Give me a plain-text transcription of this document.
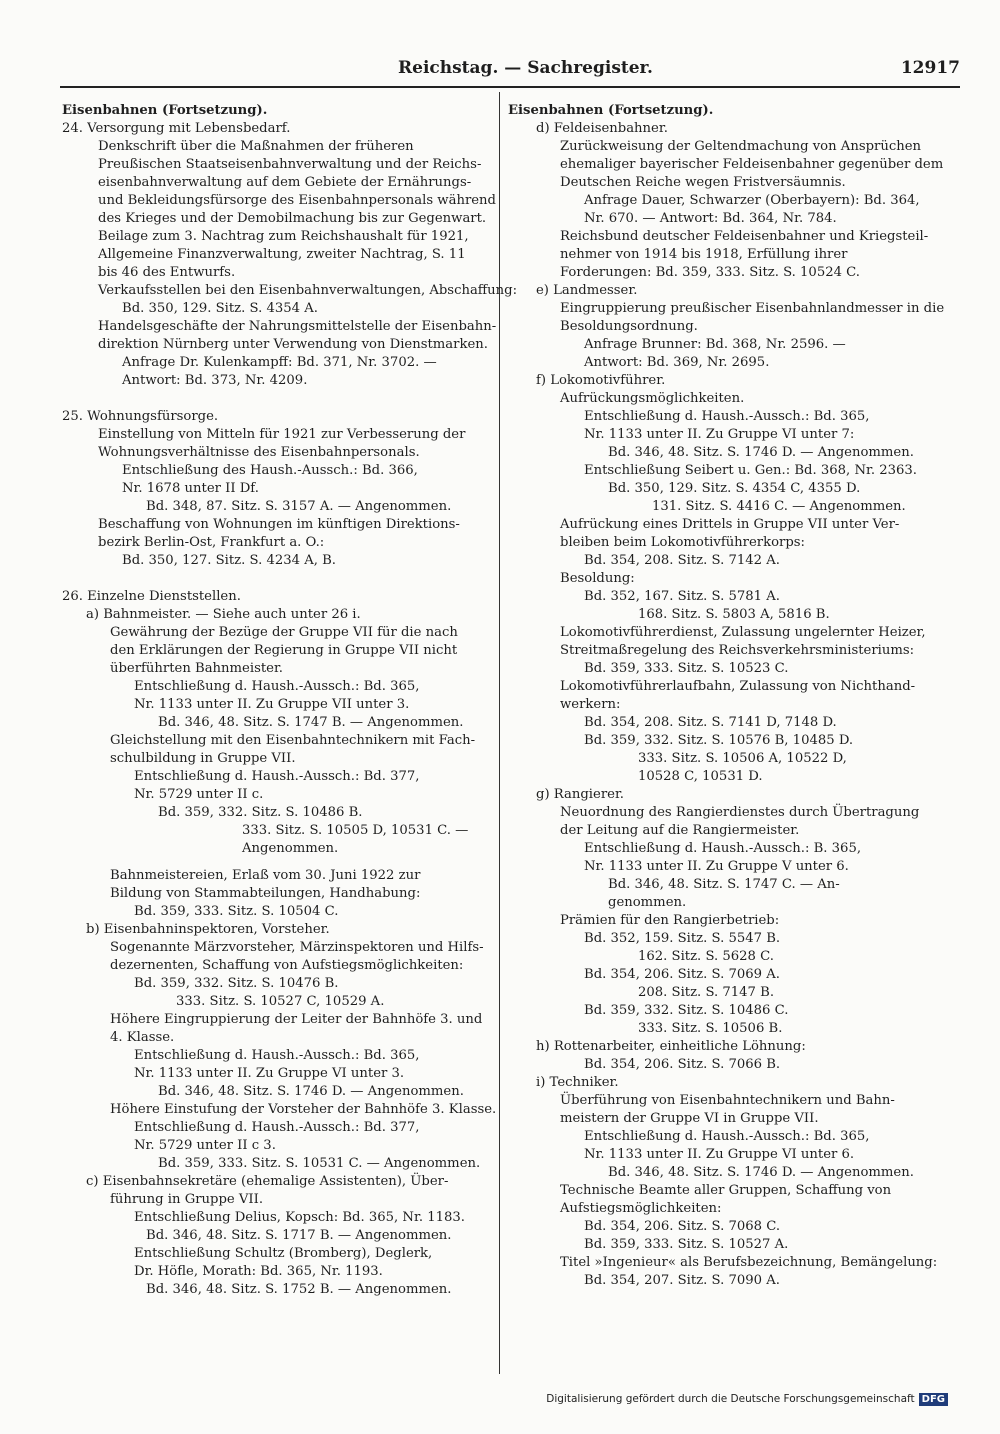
Reichstag. — Sachregister.	12917
Eisenbahnen (Fortsetzung).
24. Versorgung mit Lebensbedarf.
Denkschrift über die Maßnahmen der früheren
Preußischen Staatseisenbahnverwaltung und der Reichs-
eisenbahnverwaltung auf dem Gebiete der Ernährungs-
und Bekleidungsfürsorge des Eisenbahnpersonals während
des Krieges und der Demobilmachung bis zur Gegenwart.
Beilage zum 3. Nachtrag zum Reichshaushalt für 1921,
Allgemeine Finanzverwaltung, zweiter Nachtrag, S. 11
bis 46 des Entwurfs.
Verkaufsstellen bei den Eisenbahnverwaltungen, Abschaffung:
Bd. 350, 129. Sitz. S. 4354 A.
Handelsgeschäfte der Nahrungsmittelstelle der Eisenbahn-
direktion Nürnberg unter Verwendung von Dienstmarken.
Anfrage Dr. Kulenkampff: Bd. 371, Nr. 3702. —
Antwort: Bd. 373, Nr. 4209.
25. Wohnungsfürsorge.
Einstellung von Mitteln für 1921 zur Verbesserung der
Wohnungsverhältnisse des Eisenbahnpersonals.
Entschließung des Haush.-Aussch.: Bd. 366,
Nr. 1678 unter II Df.
Bd. 348, 87. Sitz. S. 3157 A. — Angenommen.
Beschaffung von Wohnungen im künftigen Direktions-
bezirk Berlin-Ost, Frankfurt a. O.:
Bd. 350, 127. Sitz. S. 4234 A, B.
26. Einzelne Dienststellen.
a) Bahnmeister. — Siehe auch unter 26 i.
Gewährung der Bezüge der Gruppe VII für die nach
den Erklärungen der Regierung in Gruppe VII nicht
überführten Bahnmeister.
Entschließung d. Haush.-Aussch.: Bd. 365,
Nr. 1133 unter II. Zu Gruppe VII unter 3.
Bd. 346, 48. Sitz. S. 1747 B. — Angenommen.
Gleichstellung mit den Eisenbahntechnikern mit Fach-
schulbildung in Gruppe VII.
Entschließung d. Haush.-Aussch.: Bd. 377,
Nr. 5729 unter II c.
Bd. 359, 332. Sitz. S. 10486 B.
333. Sitz. S. 10505 D, 10531 C. —
Angenommen.
Bahnmeistereien, Erlaß vom 30. Juni 1922 zur
Bildung von Stammabteilungen, Handhabung:
Bd. 359, 333. Sitz. S. 10504 C.
b) Eisenbahninspektoren, Vorsteher.
Sogenannte Märzvorsteher, Märzinspektoren und Hilfs-
dezernenten, Schaffung von Aufstiegsmöglichkeiten:
Bd. 359, 332. Sitz. S. 10476 B.
333. Sitz. S. 10527 C, 10529 A.
Höhere Eingruppierung der Leiter der Bahnhöfe 3. und
4. Klasse.
Entschließung d. Haush.-Aussch.: Bd. 365,
Nr. 1133 unter II. Zu Gruppe VI unter 3.
Bd. 346, 48. Sitz. S. 1746 D. — Angenommen.
Höhere Einstufung der Vorsteher der Bahnhöfe 3. Klasse.
Entschließung d. Haush.-Aussch.: Bd. 377,
Nr. 5729 unter II c 3.
Bd. 359, 333. Sitz. S. 10531 C. — Angenommen.
c) Eisenbahnsekretäre (ehemalige Assistenten), Über-
führung in Gruppe VII.
Entschließung Delius, Kopsch: Bd. 365, Nr. 1183.
Bd. 346, 48. Sitz. S. 1717 B. — Angenommen.
Entschließung Schultz (Bromberg), Deglerk,
Dr. Höfle, Morath: Bd. 365, Nr. 1193.
Bd. 346, 48. Sitz. S. 1752 B. — Angenommen.
Eisenbahnen (Fortsetzung).
d) Feldeisenbahner.
Zurückweisung der Geltendmachung von Ansprüchen
ehemaliger bayerischer Feldeisenbahner gegenüber dem
Deutschen Reiche wegen Fristversäumnis.
Anfrage Dauer, Schwarzer (Oberbayern): Bd. 364,
Nr. 670. — Antwort: Bd. 364, Nr. 784.
Reichsbund deutscher Feldeisenbahner und Kriegsteil-
nehmer von 1914 bis 1918, Erfüllung ihrer
Forderungen: Bd. 359, 333. Sitz. S. 10524 C.
e) Landmesser.
Eingruppierung preußischer Eisenbahnlandmesser in die
Besoldungsordnung.
Anfrage Brunner: Bd. 368, Nr. 2596. —
Antwort: Bd. 369, Nr. 2695.
f) Lokomotivführer.
Aufrückungsmöglichkeiten.
Entschließung d. Haush.-Aussch.: Bd. 365,
Nr. 1133 unter II. Zu Gruppe VI unter 7:
Bd. 346, 48. Sitz. S. 1746 D. — Angenommen.
Entschließung Seibert u. Gen.: Bd. 368, Nr. 2363.
Bd. 350, 129. Sitz. S. 4354 C, 4355 D.
131. Sitz. S. 4416 C. — Angenommen.
Aufrückung eines Drittels in Gruppe VII unter Ver-
bleiben beim Lokomotivführerkorps:
Bd. 354, 208. Sitz. S. 7142 A.
Besoldung:
Bd. 352, 167. Sitz. S. 5781 A.
168. Sitz. S. 5803 A, 5816 B.
Lokomotivführerdienst, Zulassung ungelernter Heizer,
Streitmaßregelung des Reichsverkehrsministeriums:
Bd. 359, 333. Sitz. S. 10523 C.
Lokomotivführerlaufbahn, Zulassung von Nichthand-
werkern:
Bd. 354, 208. Sitz. S. 7141 D, 7148 D.
Bd. 359, 332. Sitz. S. 10576 B, 10485 D.
333. Sitz. S. 10506 A, 10522 D,
10528 C, 10531 D.
g) Rangierer.
Neuordnung des Rangierdienstes durch Übertragung
der Leitung auf die Rangiermeister.
Entschließung d. Haush.-Aussch.: B. 365,
Nr. 1133 unter II. Zu Gruppe V unter 6.
Bd. 346, 48. Sitz. S. 1747 C. — An-
genommen.
Prämien für den Rangierbetrieb:
Bd. 352, 159. Sitz. S. 5547 B.
162. Sitz. S. 5628 C.
Bd. 354, 206. Sitz. S. 7069 A.
208. Sitz. S. 7147 B.
Bd. 359, 332. Sitz. S. 10486 C.
333. Sitz. S. 10506 B.
h) Rottenarbeiter, einheitliche Löhnung:
Bd. 354, 206. Sitz. S. 7066 B.
i) Techniker.
Überführung von Eisenbahntechnikern und Bahn-
meistern der Gruppe VI in Gruppe VII.
Entschließung d. Haush.-Aussch.: Bd. 365,
Nr. 1133 unter II. Zu Gruppe VI unter 6.
Bd. 346, 48. Sitz. S. 1746 D. — Angenommen.
Technische Beamte aller Gruppen, Schaffung von
Aufstiegsmöglichkeiten:
Bd. 354, 206. Sitz. S. 7068 C.
Bd. 359, 333. Sitz. S. 10527 A.
Titel »Ingenieur« als Berufsbezeichnung, Bemängelung:
Bd. 354, 207. Sitz. S. 7090 A.
Digitalisierung gefördert durch die Deutsche Forschungsgemeinschaft DFG
